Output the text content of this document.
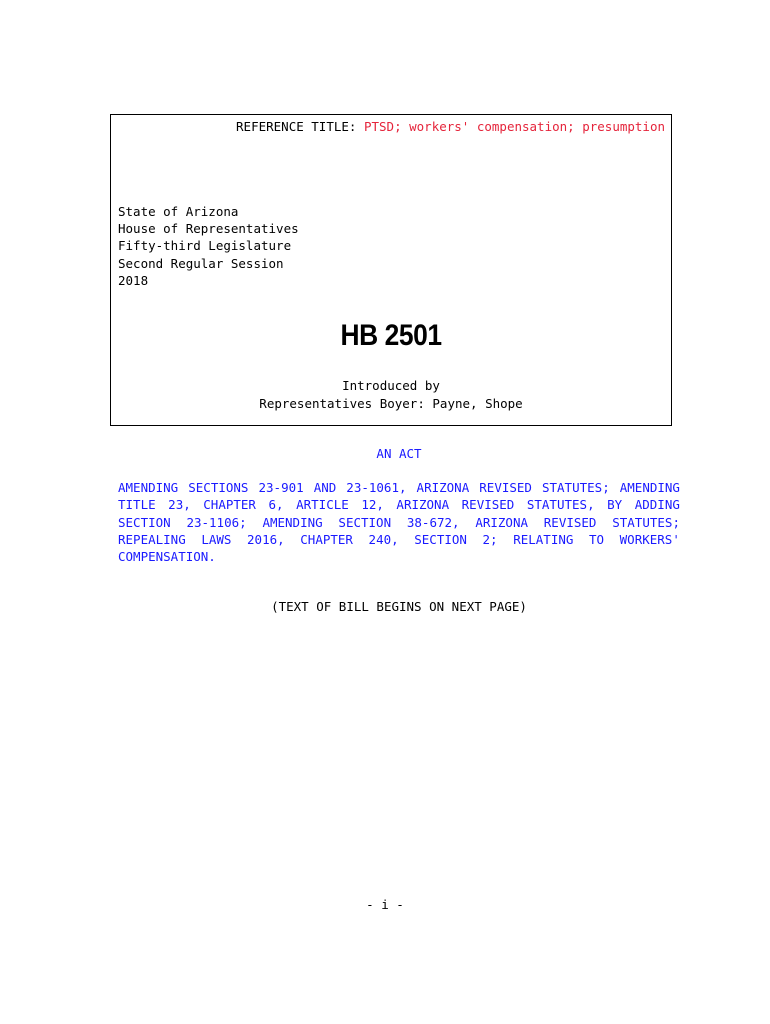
REFERENCE TITLE: PTSD; workers' compensation; presumption
State of Arizona
House of Representatives
Fifty-third Legislature
Second Regular Session
2018
HB 2501
Introduced by
Representatives Boyer: Payne, Shope
AN ACT
AMENDING SECTIONS 23-901 AND 23-1061, ARIZONA REVISED STATUTES; AMENDING
TITLE 23, CHAPTER 6, ARTICLE 12, ARIZONA REVISED STATUTES, BY ADDING
SECTION 23-1106; AMENDING SECTION 38-672, ARIZONA REVISED STATUTES;
REPEALING LAWS 2016, CHAPTER 240, SECTION 2; RELATING TO WORKERS'
COMPENSATION.
(TEXT OF BILL BEGINS ON NEXT PAGE)
- i -
